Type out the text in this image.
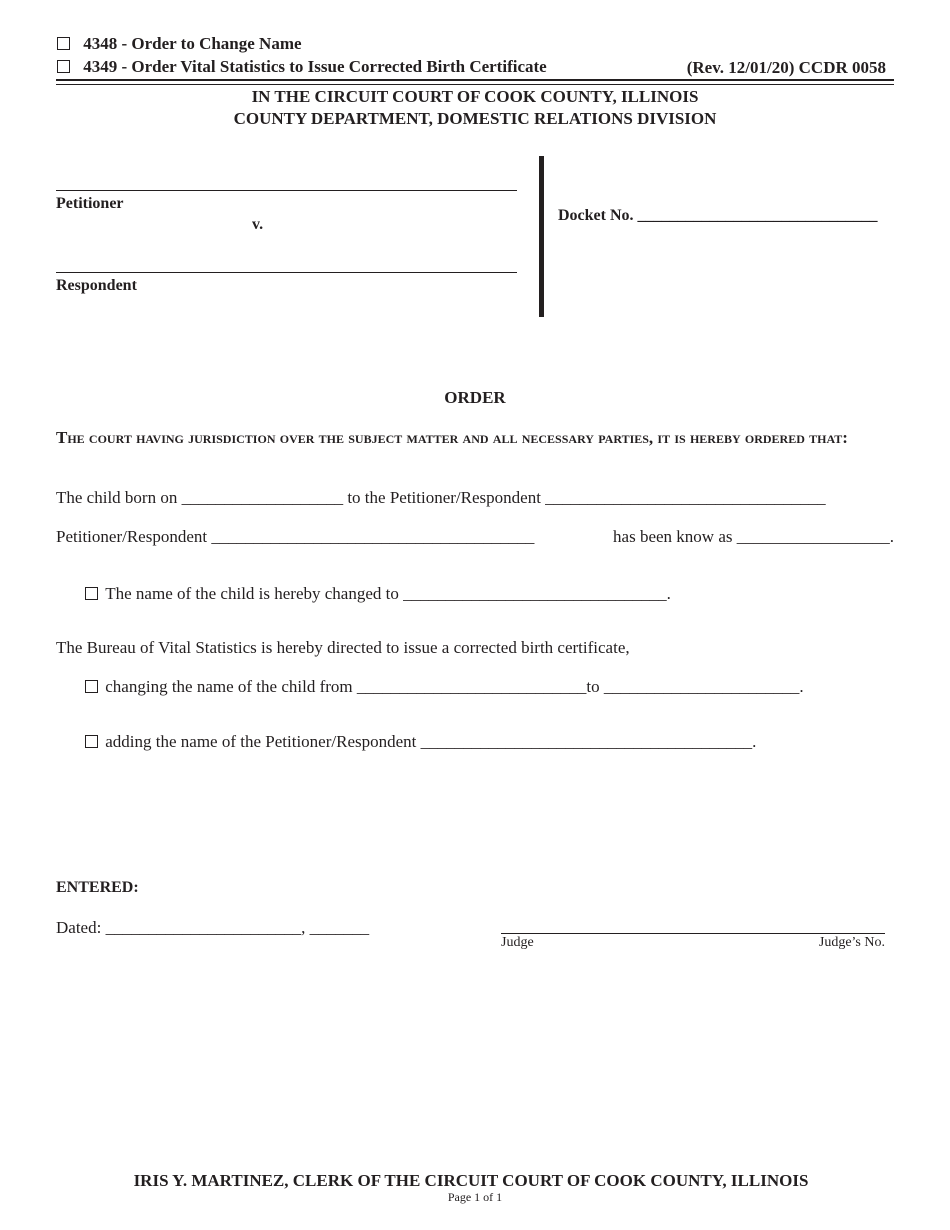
4348 - Order to Change Name
4349 - Order Vital Statistics to Issue Corrected Birth Certificate	(Rev. 12/01/20) CCDR 0058
IN THE CIRCUIT COURT OF COOK COUNTY, ILLINOIS
COUNTY DEPARTMENT, DOMESTIC RELATIONS DIVISION
Petitioner
v.
Respondent
Docket No. ______________________________
ORDER
The court having jurisdiction over the subject matter and all necessary parties, it is hereby ordered that:
The child born on ___________________ to the Petitioner/Respondent _________________________________
Petitioner/Respondent ______________________________________	has been know as __________________.
The name of the child is hereby changed to _______________________________.
The Bureau of Vital Statistics is hereby directed to issue a corrected birth certificate,
changing the name of the child from ___________________________to _______________________.
adding the name of the Petitioner/Respondent _______________________________________.
ENTERED:
Dated: _______________________, _______
Judge	Judge’s No.
IRIS Y. MARTINEZ, CLERK OF THE CIRCUIT COURT OF COOK COUNTY, ILLINOIS
Page 1 of 1
